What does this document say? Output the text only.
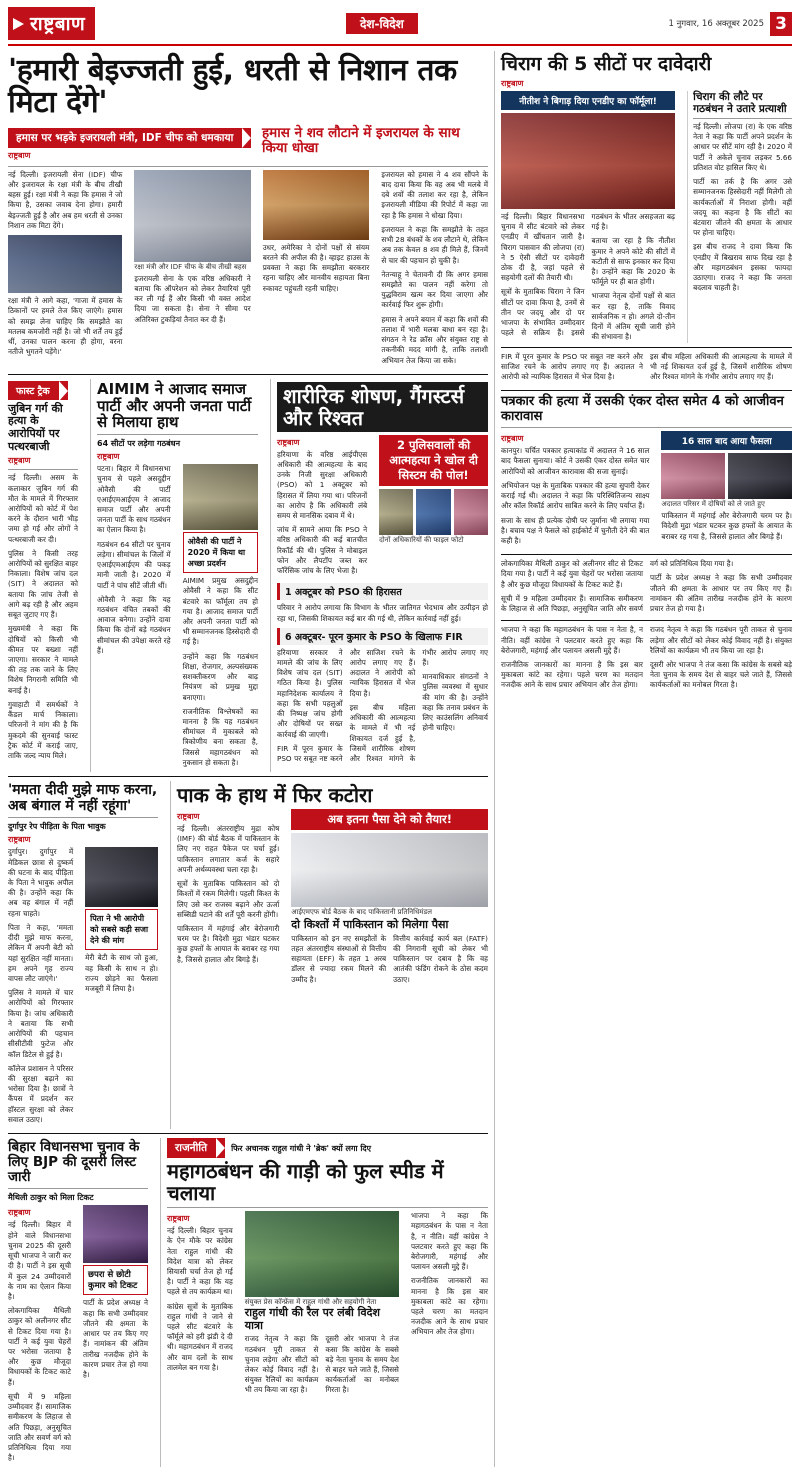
राष्ट्रबाण	देश-विदेश	1 नुगवार, 16 अक्तूबर 2025 3
'हमारी बेइज्जती हुई, धरती से निशान तक मिटा देंगे'
हमास पर भड़के इजरायली मंत्री, IDF चीफ को धमकाया
राष्ट्रबाण
हमास ने शव लौटाने में इजरायल के साथ किया धोखा

नई दिल्ली। इजरायली सेना (IDF) चीफ और इजरायल के रक्षा मंत्री के बीच तीखी बहस हुई। रक्षा मंत्री ने कहा कि हमास ने जो किया है, उसका जवाब देना होगा। हमारी बेइज्जती हुई है और अब हम धरती से उनका निशान तक मिटा देंगे।

रक्षा मंत्री ने आगे कहा, 'गाजा में हमास के ठिकानों पर हमले तेज किए जाएंगे। हमास को समझ लेना चाहिए कि समझौते का मतलब कमजोरी नहीं है। जो भी शर्तें तय हुई थीं, उनका पालन करना ही होगा, वरना नतीजे भुगतने पड़ेंगे।'

रक्षा मंत्री और IDF चीफ के बीच तीखी बहस

इजरायली सेना के एक वरिष्ठ अधिकारी ने बताया कि ऑपरेशन को लेकर तैयारियां पूरी कर ली गई हैं और किसी भी वक्त आदेश दिया जा सकता है। सेना ने सीमा पर अतिरिक्त टुकड़ियां तैनात कर दी हैं।

उधर, अमेरिका ने दोनों पक्षों से संयम बरतने की अपील की है। व्हाइट हाउस के प्रवक्ता ने कहा कि समझौता बरकरार रहना चाहिए और मानवीय सहायता बिना रुकावट पहुंचती रहनी चाहिए।

इजरायल को हमास ने 4 शव सौंपने के बाद दावा किया कि वह अब भी मलबे में दबे शवों की तलाश कर रहा है, लेकिन इजरायली मीडिया की रिपोर्ट में कहा जा रहा है कि हमास ने धोखा दिया।

इजरायल ने कहा कि समझौते के तहत सभी 28 बंधकों के शव लौटाने थे, लेकिन अब तक केवल 8 शव ही मिले हैं, जिनमें से चार की पहचान हो चुकी है।

नेतन्याहू ने चेतावनी दी कि अगर हमास समझौते का पालन नहीं करेगा तो युद्धविराम खत्म कर दिया जाएगा और कार्रवाई फिर शुरू होगी।

हमास ने अपने बयान में कहा कि शवों की तलाश में भारी मलबा बाधा बन रहा है। संगठन ने रेड क्रॉस और संयुक्त राष्ट्र से तकनीकी मदद मांगी है, ताकि तलाशी अभियान तेज किया जा सके।

फास्ट ट्रैक
जुबिन गर्ग की हत्या के आरोपियों पर पत्थरबाजी
राष्ट्रबाण

नई दिल्ली। असम के कलाकार जुबिन गर्ग की मौत के मामले में गिरफ्तार आरोपियों को कोर्ट में पेश करने के दौरान भारी भीड़ जमा हो गई और लोगों ने पत्थरबाजी कर दी।

पुलिस ने किसी तरह आरोपियों को सुरक्षित बाहर निकाला। विशेष जांच दल (SIT) ने अदालत को बताया कि जांच तेजी से आगे बढ़ रही है और अहम सबूत जुटाए गए हैं।

मुख्यमंत्री ने कहा कि दोषियों को किसी भी कीमत पर बख्शा नहीं जाएगा। सरकार ने मामले की तह तक जाने के लिए विशेष निगरानी समिति भी बनाई है।

गुवाहाटी में समर्थकों ने कैंडल मार्च निकाला। परिजनों ने मांग की है कि मुकदमे की सुनवाई फास्ट ट्रैक कोर्ट में कराई जाए, ताकि जल्द न्याय मिले।

AIMIM ने आजाद समाज पार्टी और अपनी जनता पार्टी से मिलाया हाथ
64 सीटों पर लड़ेगा गठबंधन
राष्ट्रबाण

पटना। बिहार में विधानसभा चुनाव से पहले असदुद्दीन ओवैसी की पार्टी एआईएमआईएम ने आजाद समाज पार्टी और अपनी जनता पार्टी के साथ गठबंधन का ऐलान किया है।

गठबंधन 64 सीटों पर चुनाव लड़ेगा। सीमांचल के जिलों में एआईएमआईएम की पकड़ मानी जाती है। 2020 में पार्टी ने पांच सीटें जीती थीं।

ओवैसी ने कहा कि यह गठबंधन वंचित तबकों की आवाज बनेगा। उन्होंने दावा किया कि दोनों बड़े गठबंधन सीमांचल की उपेक्षा करते रहे हैं।

ओवैसी की पार्टी ने 2020 में किया था अच्छा प्रदर्शन

AIMIM प्रमुख असदुद्दीन ओवैसी ने कहा कि सीट बंटवारे का फॉर्मूला तय हो गया है। आजाद समाज पार्टी और अपनी जनता पार्टी को भी सम्मानजनक हिस्सेदारी दी गई है।

उन्होंने कहा कि गठबंधन शिक्षा, रोजगार, अल्पसंख्यक सशक्तीकरण और बाढ़ नियंत्रण को प्रमुख मुद्दा बनाएगा।

राजनीतिक विश्लेषकों का मानना है कि यह गठबंधन सीमांचल में मुकाबले को त्रिकोणीय बना सकता है, जिससे महागठबंधन को नुकसान हो सकता है।

शारीरिक शोषण, गैंगस्टर्स और रिश्वत
राष्ट्रबाण

हरियाणा के वरिष्ठ आईपीएस अधिकारी की आत्महत्या के बाद उनके निजी सुरक्षा अधिकारी (PSO) को 1 अक्टूबर को हिरासत में लिया गया था। परिजनों का आरोप है कि अधिकारी लंबे समय से मानसिक दबाव में थे।

जांच में सामने आया कि PSO ने वरिष्ठ अधिकारी की कई बातचीत रिकॉर्ड की थी। पुलिस ने मोबाइल फोन और लैपटॉप जब्त कर फॉरेंसिक जांच के लिए भेजा है।

2 पुलिसवालों की आत्महत्या ने खोल दी सिस्टम की पोल!
दोनों अधिकारियों की फाइल फोटो
1 अक्टूबर को PSO की हिरासत

परिवार ने आरोप लगाया कि विभाग के भीतर जातिगत भेदभाव और उत्पीड़न हो रहा था, जिसकी शिकायत कई बार की गई थी, लेकिन कार्रवाई नहीं हुई।

6 अक्टूबर- पूरन कुमार के PSO के खिलाफ FIR

हरियाणा सरकार ने मामले की जांच के लिए विशेष जांच दल (SIT) गठित किया है। पुलिस महानिदेशक कार्यालय ने कहा कि सभी पहलुओं की निष्पक्ष जांच होगी और दोषियों पर सख्त कार्रवाई की जाएगी।

FIR में पूरन कुमार के PSO पर सबूत नष्ट करने और साजिश रचने के आरोप लगाए गए हैं। अदालत ने आरोपी को न्यायिक हिरासत में भेज दिया है।

इस बीच महिला अधिकारी की आत्महत्या के मामले में भी नई शिकायत दर्ज हुई है, जिसमें शारीरिक शोषण और रिश्वत मांगने के गंभीर आरोप लगाए गए हैं।

मानवाधिकार संगठनों ने पुलिस व्यवस्था में सुधार की मांग की है। उन्होंने कहा कि तनाव प्रबंधन के लिए काउंसलिंग अनिवार्य होनी चाहिए।

'ममता दीदी मुझे माफ करना, अब बंगाल में नहीं रहूंगा'
दुर्गापुर रेप पीड़िता के पिता भावुक
राष्ट्रबाण

दुर्गापुर। दुर्गापुर में मेडिकल छात्रा से दुष्कर्म की घटना के बाद पीड़िता के पिता ने भावुक अपील की है। उन्होंने कहा कि अब वह बंगाल में नहीं रहना चाहते।

पिता ने कहा, 'ममता दीदी मुझे माफ करना, लेकिन मैं अपनी बेटी को यहां सुरक्षित नहीं मानता। हम अपने गृह राज्य वापस लौट जाएंगे।'

पुलिस ने मामले में चार आरोपियों को गिरफ्तार किया है। जांच अधिकारी ने बताया कि सभी आरोपियों की पहचान सीसीटीवी फुटेज और कॉल डिटेल से हुई है।

कॉलेज प्रशासन ने परिसर की सुरक्षा बढ़ाने का भरोसा दिया है। छात्रों ने कैंपस में प्रदर्शन कर हॉस्टल सुरक्षा को लेकर सवाल उठाए।

पिता ने भी आरोपी को सबसे कड़ी सजा देने की मांग

मेरी बेटी के साथ जो हुआ, वह किसी के साथ न हो। राज्य छोड़ने का फैसला मजबूरी में लिया है।

पाक के हाथ में फिर कटोरा
राष्ट्रबाण

नई दिल्ली। अंतरराष्ट्रीय मुद्रा कोष (IMF) की बोर्ड बैठक में पाकिस्तान के लिए नए राहत पैकेज पर चर्चा हुई। पाकिस्तान लगातार कर्ज के सहारे अपनी अर्थव्यवस्था चला रहा है।

सूत्रों के मुताबिक पाकिस्तान को दो किश्तों में रकम मिलेगी। पहली किश्त के लिए उसे कर राजस्व बढ़ाने और ऊर्जा सब्सिडी घटाने की शर्तें पूरी करनी होंगी।

पाकिस्तान में महंगाई और बेरोजगारी चरम पर है। विदेशी मुद्रा भंडार घटकर कुछ हफ्तों के आयात के बराबर रह गया है, जिससे हालात और बिगड़े हैं।

अब इतना पैसा देने को तैयार!
आईएमएफ बोर्ड बैठक के बाद पाकिस्तानी प्रतिनिधिमंडल
दो किश्तों में पाकिस्तान को मिलेगा पैसा

पाकिस्तान को इन नए समझौतों के तहत अंतरराष्ट्रीय संस्थाओं से वित्तीय सहायता (EFF) के तहत 1 अरब डॉलर से ज्यादा रकम मिलने की उम्मीद है।

वित्तीय कार्रवाई कार्य बल (FATF) की निगरानी सूची को लेकर भी पाकिस्तान पर दबाव है कि वह आतंकी फंडिंग रोकने के ठोस कदम उठाए।

बिहार विधानसभा चुनाव के लिए BJP की दूसरी लिस्ट जारी
मैथिली ठाकुर को मिला टिकट
राष्ट्रबाण

नई दिल्ली। बिहार में होने वाले विधानसभा चुनाव 2025 की दूसरी सूची भाजपा ने जारी कर दी है। पार्टी ने इस सूची में कुल 24 उम्मीदवारों के नाम का ऐलान किया है।

लोकगायिका मैथिली ठाकुर को अलीनगर सीट से टिकट दिया गया है। पार्टी ने कई युवा चेहरों पर भरोसा जताया है और कुछ मौजूदा विधायकों के टिकट काटे हैं।

सूची में 9 महिला उम्मीदवार हैं। सामाजिक समीकरण के लिहाज से अति पिछड़ा, अनुसूचित जाति और सवर्ण वर्ग को प्रतिनिधित्व दिया गया है।

छपरा से छोटी कुमार को टिकट

पार्टी के प्रदेश अध्यक्ष ने कहा कि सभी उम्मीदवार जीतने की क्षमता के आधार पर तय किए गए हैं। नामांकन की अंतिम तारीख नजदीक होने के कारण प्रचार तेज हो गया है।

राजनीति	फिर अचानक राहुल गांधी ने 'ब्रेक' क्यों लगा दिए
महागठबंधन की गाड़ी को फुल स्पीड में चलाया
राष्ट्रबाण

नई दिल्ली। बिहार चुनाव के ऐन मौके पर कांग्रेस नेता राहुल गांधी की विदेश यात्रा को लेकर सियासी चर्चा तेज हो गई है। पार्टी ने कहा कि यह पहले से तय कार्यक्रम था।

कांग्रेस सूत्रों के मुताबिक राहुल गांधी ने जाने से पहले सीट बंटवारे के फॉर्मूले को हरी झंडी दे दी थी। महागठबंधन में राजद और वाम दलों के साथ तालमेल बन गया है।

संयुक्त प्रेस कॉन्फ्रेंस में राहुल गांधी और सहयोगी नेता
राहुल गांधी की रैल पर लंबी विदेश यात्रा

राजद नेतृत्व ने कहा कि गठबंधन पूरी ताकत से चुनाव लड़ेगा और सीटों को लेकर कोई विवाद नहीं है। संयुक्त रैलियों का कार्यक्रम भी तय किया जा रहा है।

दूसरी ओर भाजपा ने तंज कसा कि कांग्रेस के सबसे बड़े नेता चुनाव के समय देश से बाहर चले जाते हैं, जिससे कार्यकर्ताओं का मनोबल गिरता है।

भाजपा ने कहा कि महागठबंधन के पास न नेता है, न नीति। वहीं कांग्रेस ने पलटवार करते हुए कहा कि बेरोजगारी, महंगाई और पलायन असली मुद्दे हैं।

राजनीतिक जानकारों का मानना है कि इस बार मुकाबला कांटे का रहेगा। पहले चरण का मतदान नजदीक आने के साथ प्रचार अभियान और तेज होगा।

चिराग की 5 सीटों पर दावेदारी
राष्ट्रबाण
नीतीश ने बिगाड़ दिया एनडीए का फॉर्मूला!

नई दिल्ली। बिहार विधानसभा चुनाव में सीट बंटवारे को लेकर एनडीए में खींचतान जारी है। चिराग पासवान की लोजपा (रा) ने 5 ऐसी सीटों पर दावेदारी ठोक दी है, जहां पहले से सहयोगी दलों की तैयारी थी।

सूत्रों के मुताबिक चिराग ने जिन सीटों पर दावा किया है, उनमें से तीन पर जदयू और दो पर भाजपा के संभावित उम्मीदवार पहले से सक्रिय हैं। इससे गठबंधन के भीतर असहजता बढ़ गई है।

बताया जा रहा है कि नीतीश कुमार ने अपने कोटे की सीटों में कटौती से साफ इनकार कर दिया है। उन्होंने कहा कि 2020 के फॉर्मूले पर ही बात होगी।

भाजपा नेतृत्व दोनों पक्षों से बात कर रहा है, ताकि विवाद सार्वजनिक न हो। अगले दो-तीन दिनों में अंतिम सूची जारी होने की संभावना है।

चिराग की लौटे पर गठबंधन ने उतारे प्रत्याशी

नई दिल्ली। लोजपा (रा) के एक वरिष्ठ नेता ने कहा कि पार्टी अपने प्रदर्शन के आधार पर सीटें मांग रही है। 2020 में पार्टी ने अकेले चुनाव लड़कर 5.66 प्रतिशत वोट हासिल किए थे।

पार्टी का तर्क है कि अगर उसे सम्मानजनक हिस्सेदारी नहीं मिलेगी तो कार्यकर्ताओं में निराशा होगी। वहीं जदयू का कहना है कि सीटों का बंटवारा जीतने की क्षमता के आधार पर होना चाहिए।

इस बीच राजद ने दावा किया कि एनडीए में बिखराव साफ दिख रहा है और महागठबंधन इसका फायदा उठाएगा। राजद ने कहा कि जनता बदलाव चाहती है।

FIR में पूरन कुमार के PSO पर सबूत नष्ट करने और साजिश रचने के आरोप लगाए गए हैं। अदालत ने आरोपी को न्यायिक हिरासत में भेज दिया है।

इस बीच महिला अधिकारी की आत्महत्या के मामले में भी नई शिकायत दर्ज हुई है, जिसमें शारीरिक शोषण और रिश्वत मांगने के गंभीर आरोप लगाए गए हैं।

पत्रकार की हत्या में उसकी एंकर दोस्त समेत 4 को आजीवन कारावास
राष्ट्रबाण

कानपुर। चर्चित पत्रकार हत्याकांड में अदालत ने 16 साल बाद फैसला सुनाया। कोर्ट ने उसकी एंकर दोस्त समेत चार आरोपियों को आजीवन कारावास की सजा सुनाई।

अभियोजन पक्ष के मुताबिक पत्रकार की हत्या सुपारी देकर कराई गई थी। अदालत ने कहा कि परिस्थितिजन्य साक्ष्य और कॉल रिकॉर्ड आरोप साबित करने के लिए पर्याप्त हैं।

सजा के साथ ही प्रत्येक दोषी पर जुर्माना भी लगाया गया है। बचाव पक्ष ने फैसले को हाईकोर्ट में चुनौती देने की बात कही है।

16 साल बाद आया फैसला
अदालत परिसर में दोषियों को ले जाते हुए

पाकिस्तान में महंगाई और बेरोजगारी चरम पर है। विदेशी मुद्रा भंडार घटकर कुछ हफ्तों के आयात के बराबर रह गया है, जिससे हालात और बिगड़े हैं।

लोकगायिका मैथिली ठाकुर को अलीनगर सीट से टिकट दिया गया है। पार्टी ने कई युवा चेहरों पर भरोसा जताया है और कुछ मौजूदा विधायकों के टिकट काटे हैं।

सूची में 9 महिला उम्मीदवार हैं। सामाजिक समीकरण के लिहाज से अति पिछड़ा, अनुसूचित जाति और सवर्ण वर्ग को प्रतिनिधित्व दिया गया है।

पार्टी के प्रदेश अध्यक्ष ने कहा कि सभी उम्मीदवार जीतने की क्षमता के आधार पर तय किए गए हैं। नामांकन की अंतिम तारीख नजदीक होने के कारण प्रचार तेज हो गया है।

भाजपा ने कहा कि महागठबंधन के पास न नेता है, न नीति। वहीं कांग्रेस ने पलटवार करते हुए कहा कि बेरोजगारी, महंगाई और पलायन असली मुद्दे हैं।

राजनीतिक जानकारों का मानना है कि इस बार मुकाबला कांटे का रहेगा। पहले चरण का मतदान नजदीक आने के साथ प्रचार अभियान और तेज होगा।

राजद नेतृत्व ने कहा कि गठबंधन पूरी ताकत से चुनाव लड़ेगा और सीटों को लेकर कोई विवाद नहीं है। संयुक्त रैलियों का कार्यक्रम भी तय किया जा रहा है।

दूसरी ओर भाजपा ने तंज कसा कि कांग्रेस के सबसे बड़े नेता चुनाव के समय देश से बाहर चले जाते हैं, जिससे कार्यकर्ताओं का मनोबल गिरता है।
